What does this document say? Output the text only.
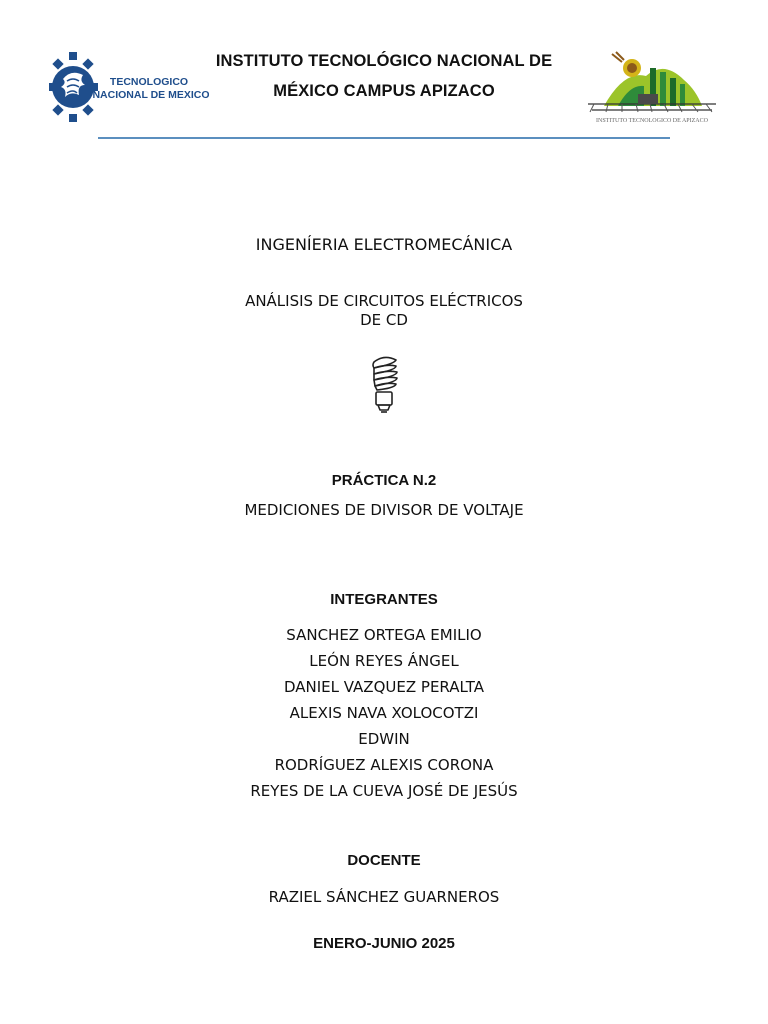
TECNOLOGICO
NACIONAL DE MEXICO
INSTITUTO TECNOLÓGICO NACIONAL DE
MÉXICO CAMPUS APIZACO
INSTITUTO TECNOLOGICO DE APIZACO
INGENÍERIA ELECTROMECÁNICA
ANÁLISIS DE CIRCUITOS ELÉCTRICOS
DE CD
PRÁCTICA N.2
MEDICIONES DE DIVISOR DE VOLTAJE
INTEGRANTES
SANCHEZ ORTEGA EMILIO
LEÓN REYES ÁNGEL
DANIEL VAZQUEZ PERALTA
ALEXIS NAVA XOLOCOTZI
EDWIN
RODRÍGUEZ ALEXIS CORONA
REYES DE LA CUEVA JOSÉ DE JESÚS
DOCENTE
RAZIEL SÁNCHEZ GUARNEROS
ENERO-JUNIO 2025
